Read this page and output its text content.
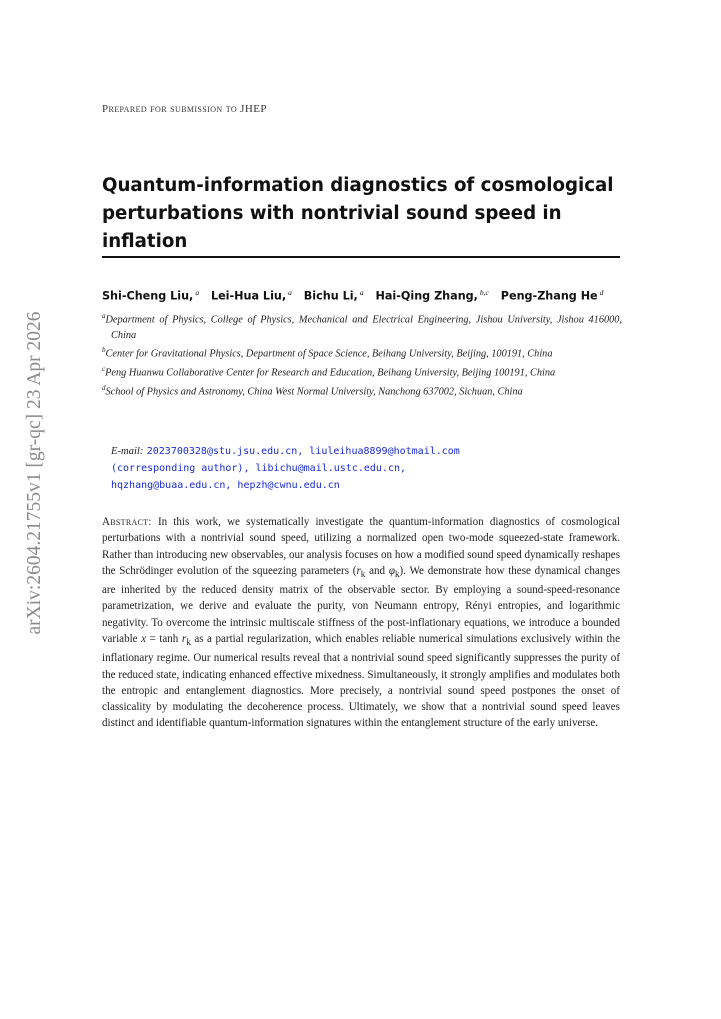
arXiv:2604.21755v1 [gr-qc] 23 Apr 2026
Prepared for submission to JHEP
Quantum-information diagnostics of cosmological perturbations with nontrivial sound speed in inflation
Shi-Cheng Liu, $^a$ Lei-Hua Liu, $^a$ Bichu Li, $^a$ Hai-Qing Zhang, $^{b,c}$ Peng-Zhang He $^d$

$^a$Department of Physics, College of Physics, Mechanical and Electrical Engineering, Jishou University, Jishou 416000, China

$^b$Center for Gravitational Physics, Department of Space Science, Beihang University, Beijing, 100191, China

$^c$Peng Huanwu Collaborative Center for Research and Education, Beihang University, Beijing 100191, China

$^d$School of Physics and Astronomy, China West Normal University, Nanchong 637002, Sichuan, China

E-mail: 2023700328@stu.jsu.edu.cn, liuleihua8899@hotmail.com
(corresponding author), libichu@mail.ustc.edu.cn,
hqzhang@buaa.edu.cn, hepzh@cwnu.edu.cn

Abstract: In this work, we systematically investigate the quantum-information diagnostics of cosmological perturbations with a nontrivial sound speed, utilizing a normalized open two-mode squeezed-state framework. Rather than introducing new observables, our analysis focuses on how a modified sound speed dynamically reshapes the Schrödinger evolution of the squeezing parameters ($r_k$ and $\varphi_k$). We demonstrate how these dynamical changes are inherited by the reduced density matrix of the observable sector. By employing a sound-speed-resonance parametrization, we derive and evaluate the purity, von Neumann entropy, Rényi entropies, and logarithmic negativity. To overcome the intrinsic multiscale stiffness of the post-inflationary equations, we introduce a bounded variable $x = \tanh r_k$ as a partial regularization, which enables reliable numerical simulations exclusively within the inflationary regime. Our numerical results reveal that a nontrivial sound speed significantly suppresses the purity of the reduced state, indicating enhanced effective mixedness. Simultaneously, it strongly amplifies and modulates both the entropic and entanglement diagnostics. More precisely, a nontrivial sound speed postpones the onset of classicality by modulating the decoherence process. Ultimately, we show that a nontrivial sound speed leaves distinct and identifiable quantum-information signatures within the entanglement structure of the early universe.
